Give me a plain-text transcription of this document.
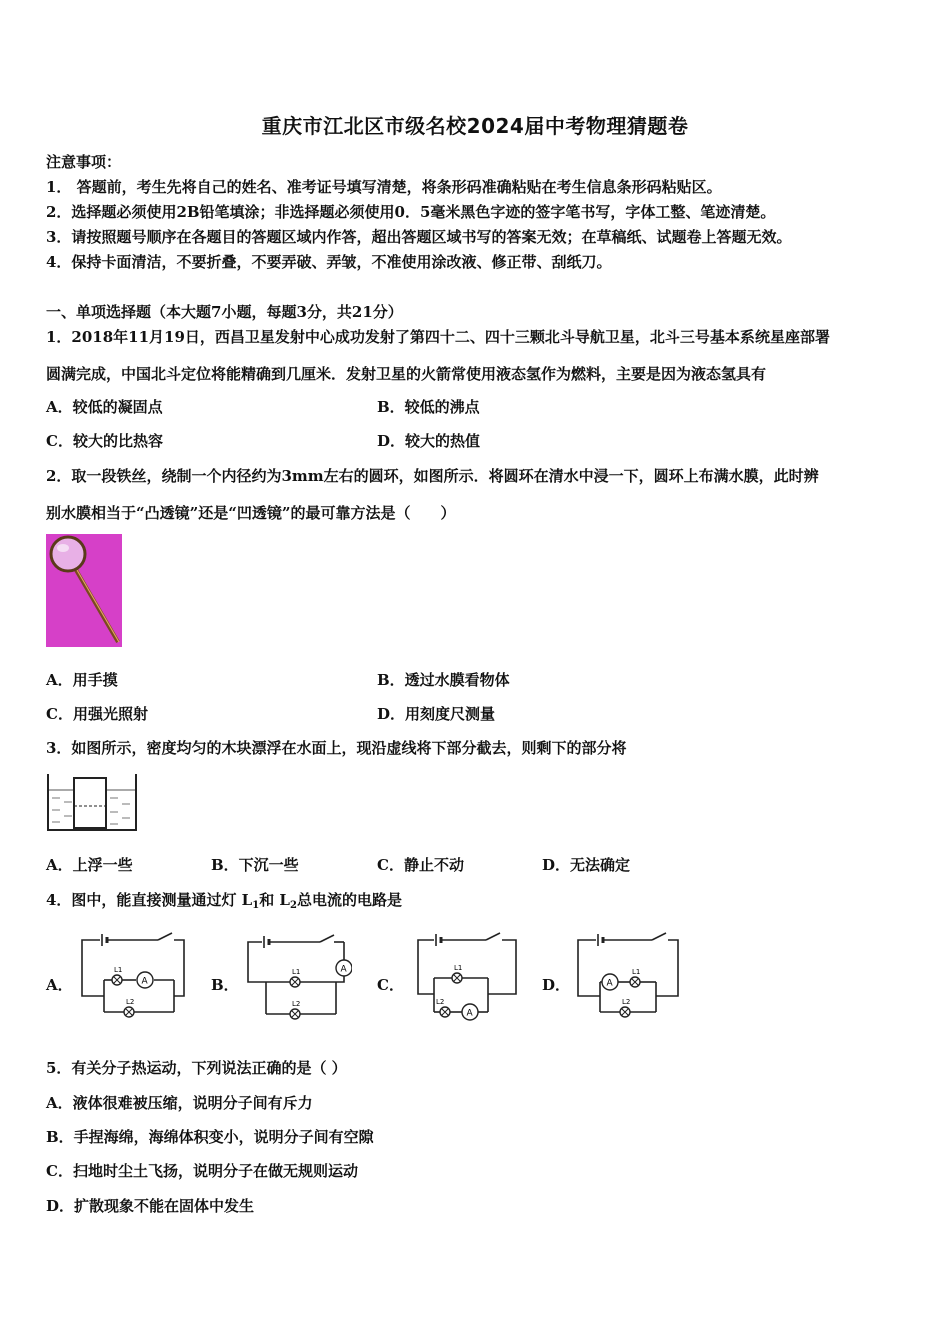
重庆市江北区市级名校2024届中考物理猜题卷
注意事项：
1． 答题前，考生先将自己的姓名、准考证号填写清楚，将条形码准确粘贴在考生信息条形码粘贴区。
2．选择题必须使用2B铅笔填涂；非选择题必须使用0．5毫米黑色字迹的签字笔书写，字体工整、笔迹清楚。
3．请按照题号顺序在各题目的答题区域内作答，超出答题区域书写的答案无效；在草稿纸、试题卷上答题无效。
4．保持卡面清洁，不要折叠，不要弄破、弄皱，不准使用涂改液、修正带、刮纸刀。
一、单项选择题（本大题7小题，每题3分，共21分）
1．2018年11月19日，西昌卫星发射中心成功发射了第四十二、四十三颗北斗导航卫星，北斗三号基本系统星座部署
圆满完成，中国北斗定位将能精确到几厘米．发射卫星的火箭常使用液态氢作为燃料，主要是因为液态氢具有
A．较低的凝固点	B．较低的沸点
C．较大的比热容	D．较大的热值
2．取一段铁丝，绕制一个内径约为3mm左右的圆环，如图所示．将圆环在清水中浸一下，圆环上布满水膜，此时辨
别水膜相当于“凸透镜”还是“凹透镜”的最可靠方法是（　　）
A．用手摸	B．透过水膜看物体
C．用强光照射	D．用刻度尺测量
3．如图所示，密度均匀的木块漂浮在水面上，现沿虚线将下部分截去，则剩下的部分将
A．上浮一些	B．下沉一些	C．静止不动	D．无法确定
4．图中，能直接测量通过灯 $L_1$和 $L_2$总电流的电路是
A．	B．	C．	D．
L1
A
L2
A
L1
L2
L1
L2
A
A
L1
L2
5．有关分子热运动，下列说法正确的是（ ）
A．液体很难被压缩，说明分子间有斥力
B．手捏海绵，海绵体积变小，说明分子间有空隙
C．扫地时尘土飞扬，说明分子在做无规则运动
D．扩散现象不能在固体中发生
